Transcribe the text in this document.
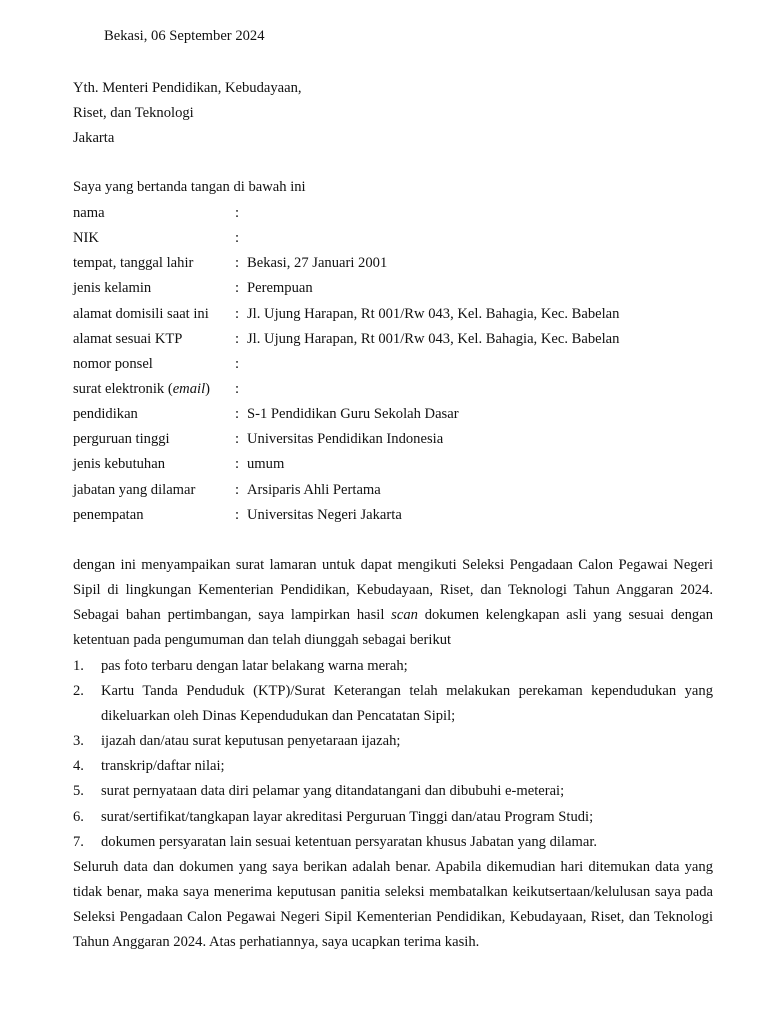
Bekasi, 06 September 2024
Yth. Menteri Pendidikan, Kebudayaan,
Riset, dan Teknologi
Jakarta
Saya yang bertanda tangan di bawah ini
nama	:
NIK	:
tempat, tanggal lahir	: Bekasi, 27 Januari 2001
jenis kelamin	: Perempuan
alamat domisili saat ini	: Jl. Ujung Harapan, Rt 001/Rw 043, Kel. Bahagia, Kec. Babelan
alamat sesuai KTP	: Jl. Ujung Harapan, Rt 001/Rw 043, Kel. Bahagia, Kec. Babelan
nomor ponsel	:
surat elektronik (email)	:
pendidikan	: S-1 Pendidikan Guru Sekolah Dasar
perguruan tinggi	: Universitas Pendidikan Indonesia
jenis kebutuhan	: umum
jabatan yang dilamar	: Arsiparis Ahli Pertama
penempatan	: Universitas Negeri Jakarta
dengan ini menyampaikan surat lamaran untuk dapat mengikuti Seleksi Pengadaan Calon Pegawai Negeri Sipil di lingkungan Kementerian Pendidikan, Kebudayaan, Riset, dan Teknologi Tahun Anggaran 2024. Sebagai bahan pertimbangan, saya lampirkan hasil scan dokumen kelengkapan asli yang sesuai dengan ketentuan pada pengumuman dan telah diunggah sebagai berikut
1.	pas foto terbaru dengan latar belakang warna merah;
2.	Kartu Tanda Penduduk (KTP)/Surat Keterangan telah melakukan perekaman kependudukan yang dikeluarkan oleh Dinas Kependudukan dan Pencatatan Sipil;
3.	ijazah dan/atau surat keputusan penyetaraan ijazah;
4.	transkrip/daftar nilai;
5.	surat pernyataan data diri pelamar yang ditandatangani dan dibubuhi e-meterai;
6.	surat/sertifikat/tangkapan layar akreditasi Perguruan Tinggi dan/atau Program Studi;
7.	dokumen persyaratan lain sesuai ketentuan persyaratan khusus Jabatan yang dilamar.
Seluruh data dan dokumen yang saya berikan adalah benar. Apabila dikemudian hari ditemukan data yang tidak benar, maka saya menerima keputusan panitia seleksi membatalkan keikutsertaan/kelulusan saya pada Seleksi Pengadaan Calon Pegawai Negeri Sipil Kementerian Pendidikan, Kebudayaan, Riset, dan Teknologi Tahun Anggaran 2024. Atas perhatiannya, saya ucapkan terima kasih.
